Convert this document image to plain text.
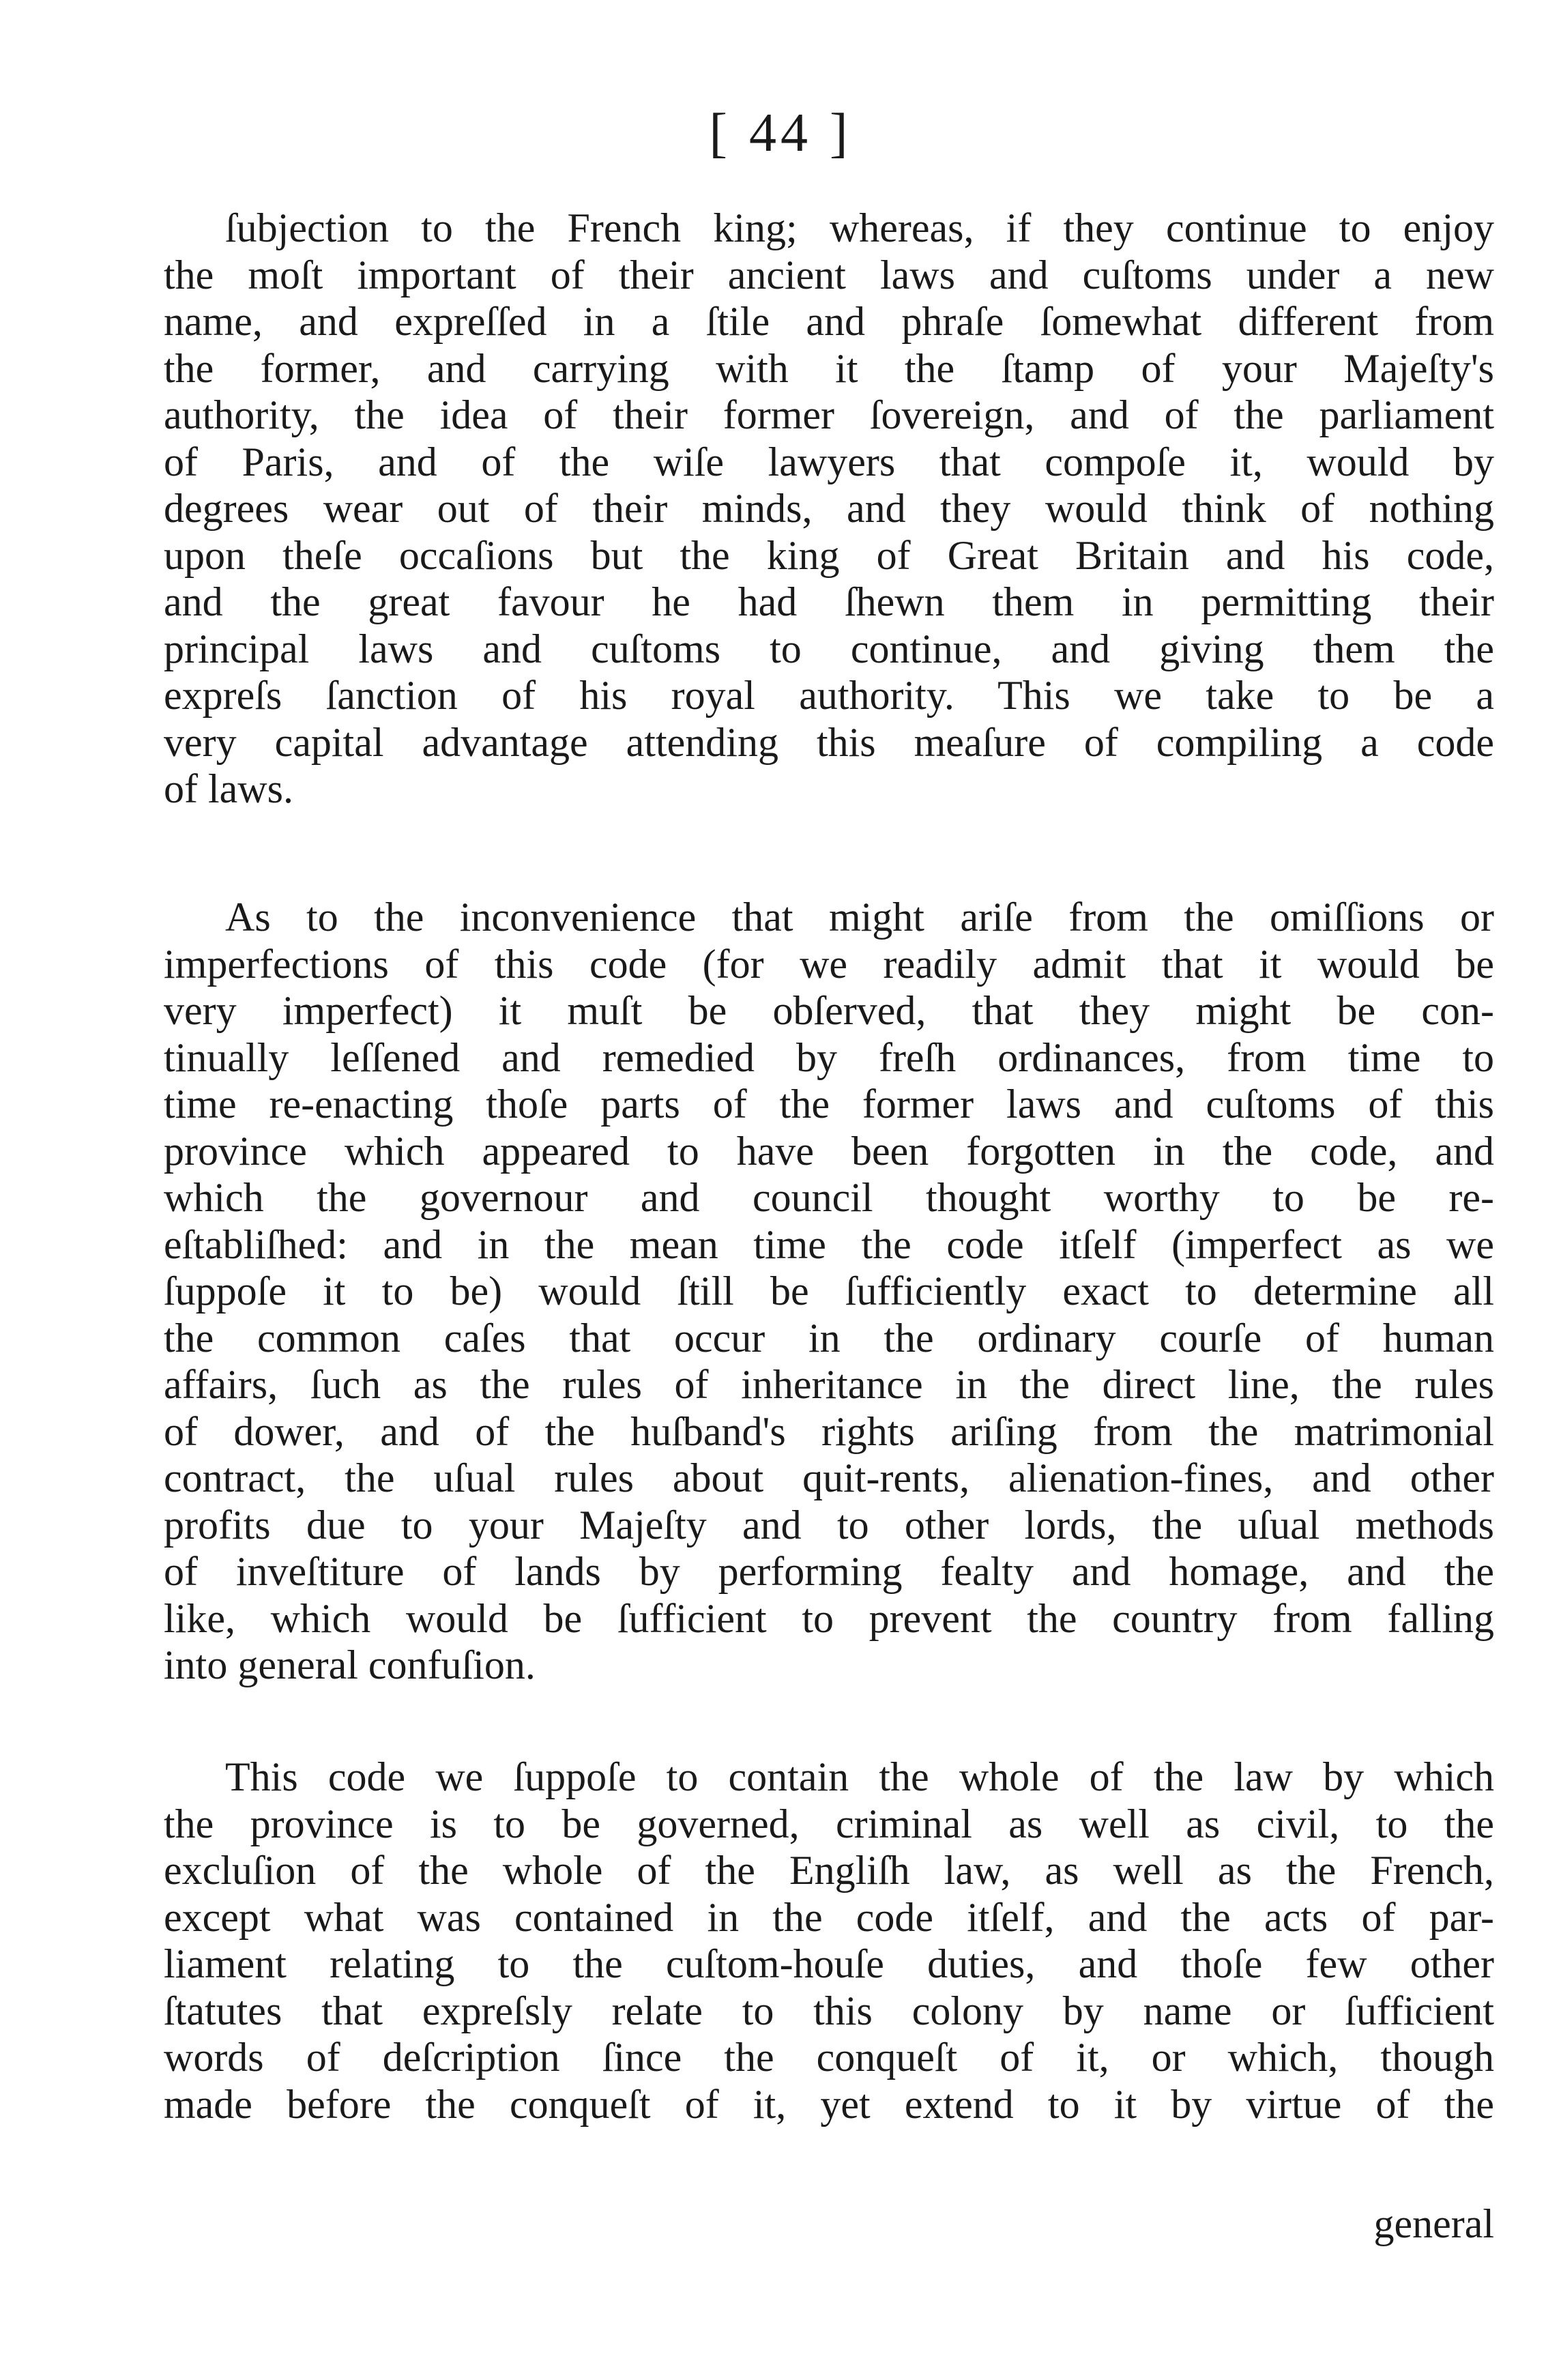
[ 44 ]
ſubjection to the French king; whereas, if they continue to enjoy
the moſt important of their ancient laws and cuſtoms under a new
name, and expreſſed in a ſtile and phraſe ſomewhat different from
the former, and carrying with it the ſtamp of your Majeſty's
authority, the idea of their former ſovereign, and of the parliament
of Paris, and of the wiſe lawyers that compoſe it, would by
degrees wear out of their minds, and they would think of nothing
upon theſe occaſions but the king of Great Britain and his code,
and the great favour he had ſhewn them in permitting their
principal laws and cuſtoms to continue, and giving them the
expreſs ſanction of his royal authority. This we take to be a
very capital advantage attending this meaſure of compiling a code
of laws.
As to the inconvenience that might ariſe from the omiſſions or
imperfections of this code (for we readily admit that it would be
very imperfect) it muſt be obſerved, that they might be con-
tinually leſſened and remedied by freſh ordinances, from time to
time re-enacting thoſe parts of the former laws and cuſtoms of this
province which appeared to have been forgotten in the code, and
which the governour and council thought worthy to be re-
eſtabliſhed: and in the mean time the code itſelf (imperfect as we
ſuppoſe it to be) would ſtill be ſufficiently exact to determine all
the common caſes that occur in the ordinary courſe of human
affairs, ſuch as the rules of inheritance in the direct line, the rules
of dower, and of the huſband's rights ariſing from the matrimonial
contract, the uſual rules about quit-rents, alienation-fines, and other
profits due to your Majeſty and to other lords, the uſual methods
of inveſtiture of lands by performing fealty and homage, and the
like, which would be ſufficient to prevent the country from falling
into general confuſion.
This code we ſuppoſe to contain the whole of the law by which
the province is to be governed, criminal as well as civil, to the
excluſion of the whole of the Engliſh law, as well as the French,
except what was contained in the code itſelf, and the acts of par-
liament relating to the cuſtom-houſe duties, and thoſe few other
ſtatutes that expreſsly relate to this colony by name or ſufficient
words of deſcription ſince the conqueſt of it, or which, though
made before the conqueſt of it, yet extend to it by virtue of the
general
